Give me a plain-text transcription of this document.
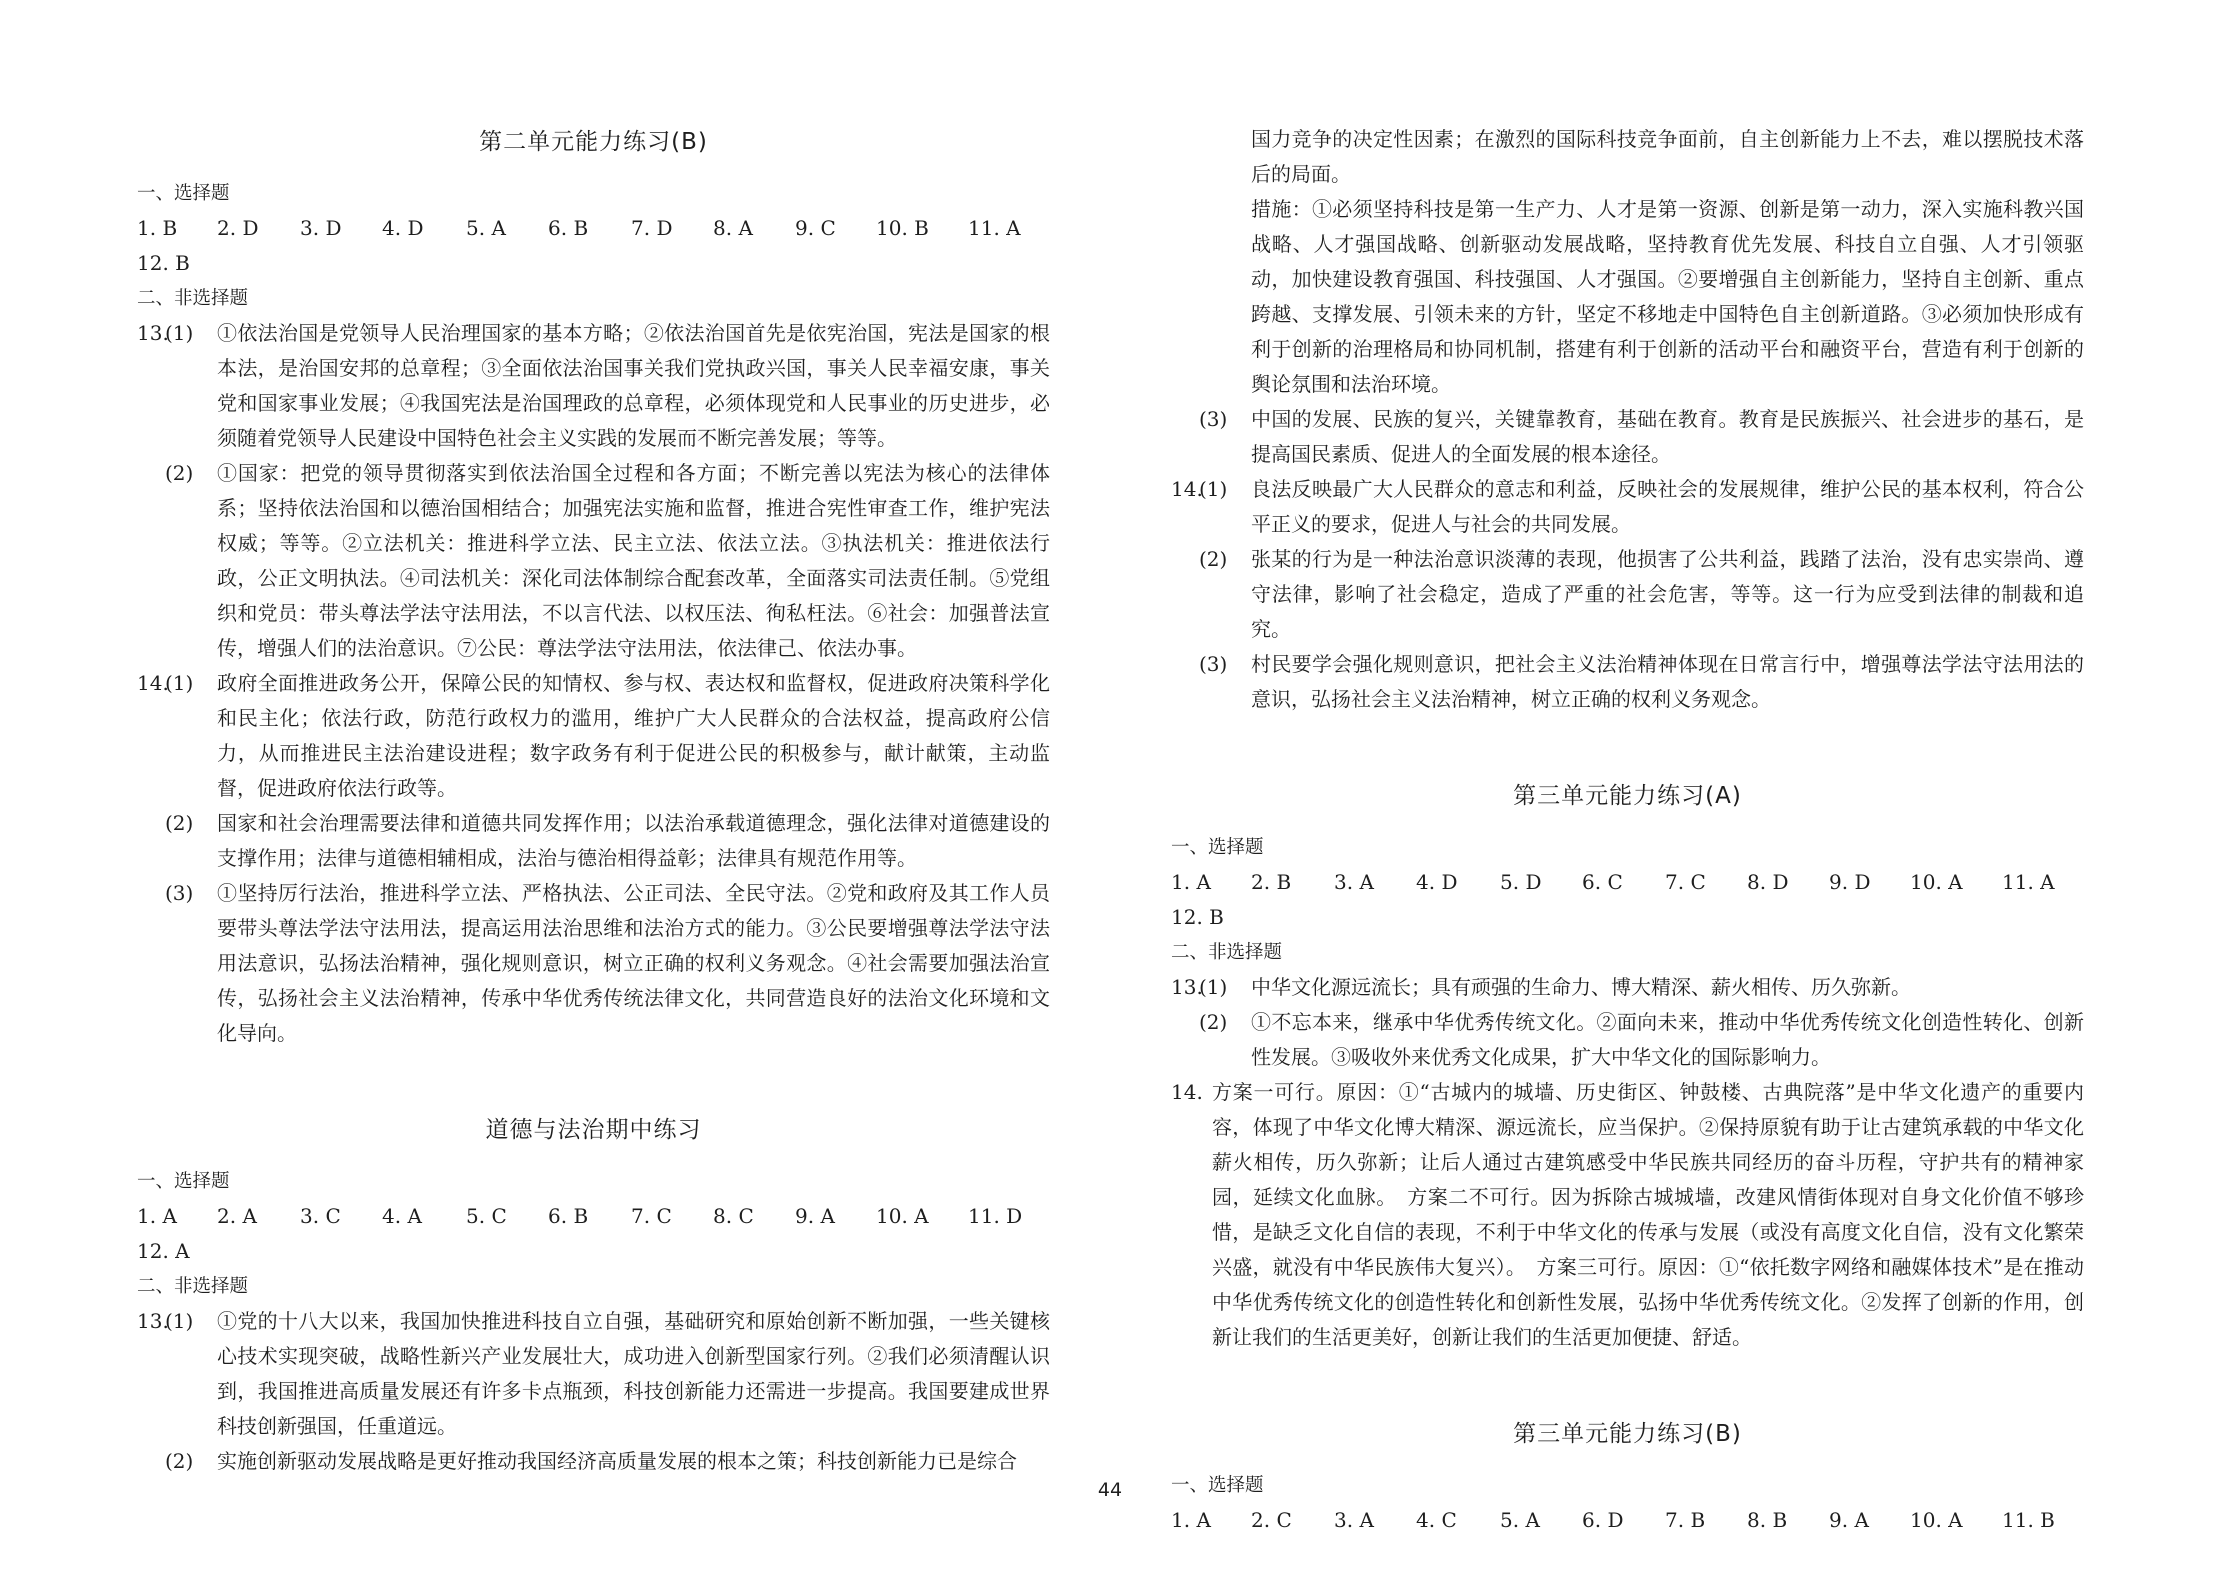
第二单元能力练习(B)
一、选择题
1. B 2. D 3. D 4. D 5. A 6. B 7. D 8. A 9. C 10. B 11. A
12. B
二、非选择题
13.
(1)	①依法治国是党领导人民治理国家的基本方略；②依法治国首先是依宪治国，宪法是国家的根本法，是治国安邦的总章程；③全面依法治国事关我们党执政兴国，事关人民幸福安康，事关党和国家事业发展；④我国宪法是治国理政的总章程，必须体现党和人民事业的历史进步，必须随着党领导人民建设中国特色社会主义实践的发展而不断完善发展；等等。
(2)	①国家：把党的领导贯彻落实到依法治国全过程和各方面；不断完善以宪法为核心的法律体系；坚持依法治国和以德治国相结合；加强宪法实施和监督，推进合宪性审查工作，维护宪法权威；等等。②立法机关：推进科学立法、民主立法、依法立法。③执法机关：推进依法行政，公正文明执法。④司法机关：深化司法体制综合配套改革，全面落实司法责任制。⑤党组织和党员：带头尊法学法守法用法，不以言代法、以权压法、徇私枉法。⑥社会：加强普法宣传，增强人们的法治意识。⑦公民：尊法学法守法用法，依法律己、依法办事。
14.
(1)	政府全面推进政务公开，保障公民的知情权、参与权、表达权和监督权，促进政府决策科学化和民主化；依法行政，防范行政权力的滥用，维护广大人民群众的合法权益，提高政府公信力，从而推进民主法治建设进程；数字政务有利于促进公民的积极参与，献计献策，主动监督，促进政府依法行政等。
(2)	国家和社会治理需要法律和道德共同发挥作用；以法治承载道德理念，强化法律对道德建设的支撑作用；法律与道德相辅相成，法治与德治相得益彰；法律具有规范作用等。
(3)	①坚持厉行法治，推进科学立法、严格执法、公正司法、全民守法。②党和政府及其工作人员要带头尊法学法守法用法，提高运用法治思维和法治方式的能力。③公民要增强尊法学法守法用法意识，弘扬法治精神，强化规则意识，树立正确的权利义务观念。④社会需要加强法治宣传，弘扬社会主义法治精神，传承中华优秀传统法律文化，共同营造良好的法治文化环境和文化导向。
道德与法治期中练习
一、选择题
1. A 2. A 3. C 4. A 5. C 6. B 7. C 8. C 9. A 10. A 11. D
12. A
二、非选择题
13.
(1)	①党的十八大以来，我国加快推进科技自立自强，基础研究和原始创新不断加强，一些关键核心技术实现突破，战略性新兴产业发展壮大，成功进入创新型国家行列。②我们必须清醒认识到，我国推进高质量发展还有许多卡点瓶颈，科技创新能力还需进一步提高。我国要建成世界科技创新强国，任重道远。
(2)	实施创新驱动发展战略是更好推动我国经济高质量发展的根本之策；科技创新能力已是综合
国力竞争的决定性因素；在激烈的国际科技竞争面前，自主创新能力上不去，难以摆脱技术落后的局面。
措施：①必须坚持科技是第一生产力、人才是第一资源、创新是第一动力，深入实施科教兴国战略、人才强国战略、创新驱动发展战略，坚持教育优先发展、科技自立自强、人才引领驱动，加快建设教育强国、科技强国、人才强国。②要增强自主创新能力，坚持自主创新、重点跨越、支撑发展、引领未来的方针，坚定不移地走中国特色自主创新道路。③必须加快形成有利于创新的治理格局和协同机制，搭建有利于创新的活动平台和融资平台，营造有利于创新的舆论氛围和法治环境。
(3)	中国的发展、民族的复兴，关键靠教育，基础在教育。教育是民族振兴、社会进步的基石，是提高国民素质、促进人的全面发展的根本途径。
14.
(1)	良法反映最广大人民群众的意志和利益，反映社会的发展规律，维护公民的基本权利，符合公平正义的要求，促进人与社会的共同发展。
(2)	张某的行为是一种法治意识淡薄的表现，他损害了公共利益，践踏了法治，没有忠实崇尚、遵守法律，影响了社会稳定，造成了严重的社会危害，等等。这一行为应受到法律的制裁和追究。
(3)	村民要学会强化规则意识，把社会主义法治精神体现在日常言行中，增强尊法学法守法用法的意识，弘扬社会主义法治精神，树立正确的权利义务观念。
第三单元能力练习(A)
一、选择题
1. A 2. B 3. A 4. D 5. D 6. C 7. C 8. D 9. D 10. A 11. A
12. B
二、非选择题
13.
(1)	中华文化源远流长；具有顽强的生命力、博大精深、薪火相传、历久弥新。
(2)	①不忘本来，继承中华优秀传统文化。②面向未来，推动中华优秀传统文化创造性转化、创新性发展。③吸收外来优秀文化成果，扩大中华文化的国际影响力。
14. 方案一可行。原因：①“古城内的城墙、历史街区、钟鼓楼、古典院落”是中华文化遗产的重要内容，体现了中华文化博大精深、源远流长，应当保护。②保持原貌有助于让古建筑承载的中华文化薪火相传，历久弥新；让后人通过古建筑感受中华民族共同经历的奋斗历程，守护共有的精神家园，延续文化血脉。　方案二不可行。因为拆除古城城墙，改建风情街体现对自身文化价值不够珍惜，是缺乏文化自信的表现，不利于中华文化的传承与发展（或没有高度文化自信，没有文化繁荣兴盛，就没有中华民族伟大复兴）。　方案三可行。原因：①“依托数字网络和融媒体技术”是在推动中华优秀传统文化的创造性转化和创新性发展，弘扬中华优秀传统文化。②发挥了创新的作用，创新让我们的生活更美好，创新让我们的生活更加便捷、舒适。
第三单元能力练习(B)
一、选择题
1. A 2. C 3. A 4. C 5. A 6. D 7. B 8. B 9. A 10. A 11. B
44
